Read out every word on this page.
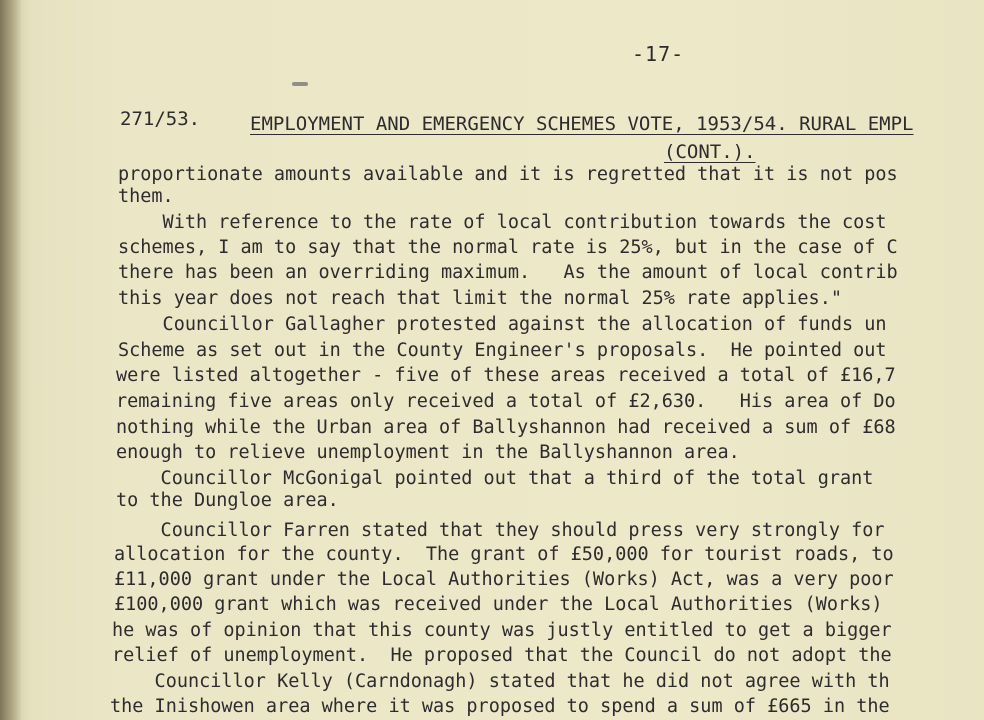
-17-
271/53.	EMPLOYMENT AND EMERGENCY SCHEMES VOTE, 1953/54. RURAL EMPL
(CONT.).
proportionate amounts available and it is regretted that it is not pos
them.
With reference to the rate of local contribution towards the cost
schemes, I am to say that the normal rate is 25%, but in the case of C
there has been an overriding maximum.   As the amount of local contrib
this year does not reach that limit the normal 25% rate applies."
Councillor Gallagher protested against the allocation of funds un
Scheme as set out in the County Engineer's proposals.  He pointed out
were listed altogether - five of these areas received a total of £16,7
remaining five areas only received a total of £2,630.   His area of Do
nothing while the Urban area of Ballyshannon had received a sum of £68
enough to relieve unemployment in the Ballyshannon area.
Councillor McGonigal pointed out that a third of the total grant
to the Dungloe area.
Councillor Farren stated that they should press very strongly for
allocation for the county.  The grant of £50,000 for tourist roads, to
£11,000 grant under the Local Authorities (Works) Act, was a very poor
£100,000 grant which was received under the Local Authorities (Works)
he was of opinion that this county was justly entitled to get a bigger
relief of unemployment.  He proposed that the Council do not adopt the
Councillor Kelly (Carndonagh) stated that he did not agree with th
the Inishowen area where it was proposed to spend a sum of £665 in the
